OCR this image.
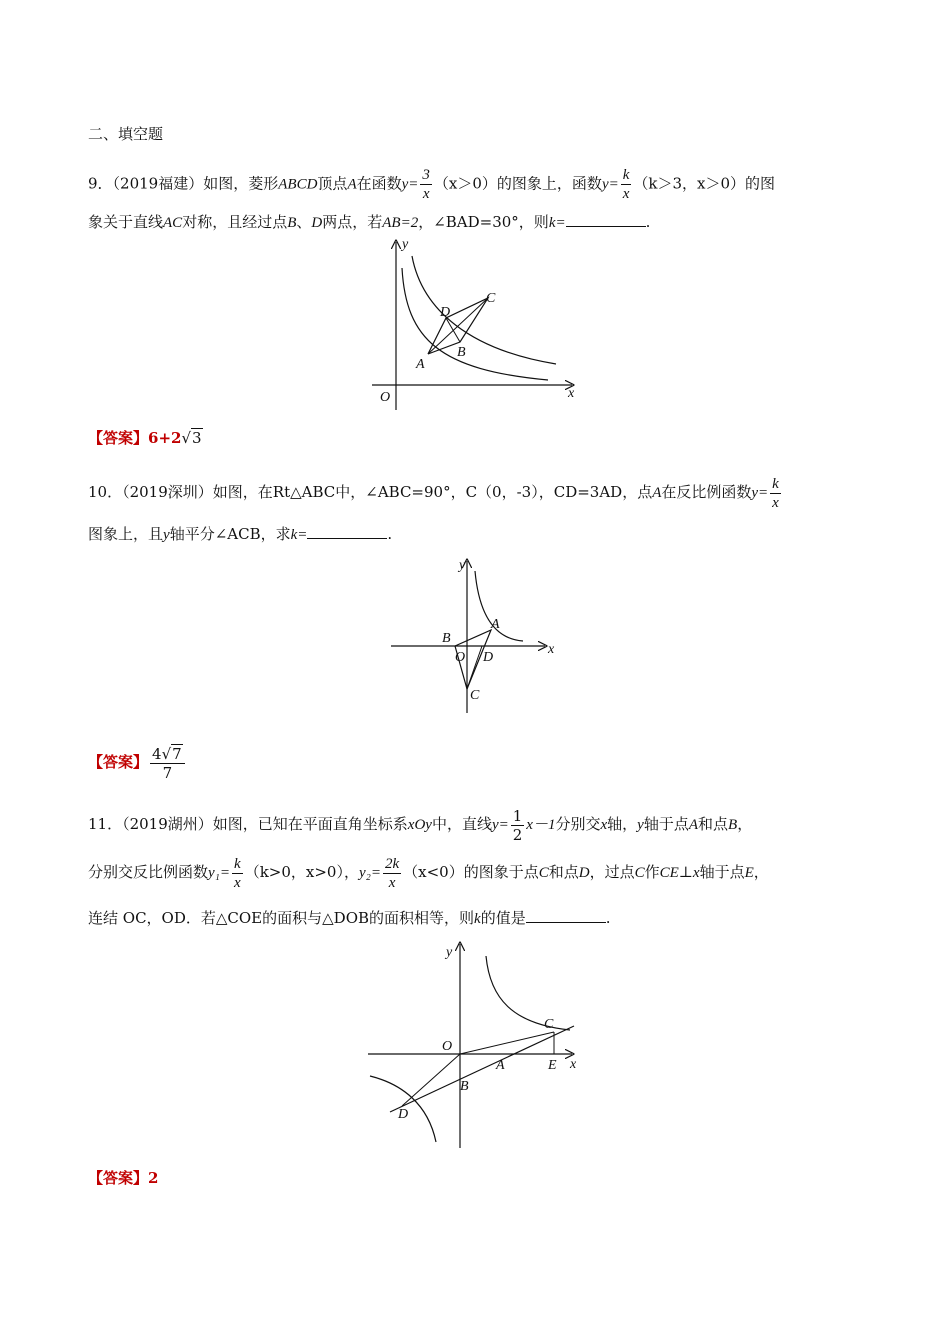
二、填空题
9．（2019福建）如图，菱形ABCD顶点A在函数$y= \frac{3}{x} (x>0)$的图象上，函数$y= \frac{k}{x} (k>3$，x＞0）的图
象关于直线AC对称，且经过点B、D两点，若AB=2，∠BAD=30°，则k=	.
y
x
O
A
B
C
D
【答案】6+2√3
10．（2019深圳）如图，在Rt△ABC中，∠ABC=90°，C（0，-3），CD=3AD，点A在反比例函数$y= \frac{k}{x}$
图象上，且y轴平分∠ACB，求k=	.
y
x
O
A
B
C
D
【答案】 $\frac{4√7}{7}$
11．（2019湖州）如图，已知在平面直角坐标系xOy中，直线$y= \frac{1}{2} x-1$分别交x轴，y轴于点A和点B，
分别交反比例函数$y_1= \frac{k}{x} (k>0$，x>0），$y_2= \frac{2k}{x} (x<0)$的图象于点C和点D，过点C作CE⊥x轴于点E，
连结 OC，OD．若△COE的面积与△DOB的面积相等，则k的值是	.
y
x
O
A
B
C
D
E
【答案】2
